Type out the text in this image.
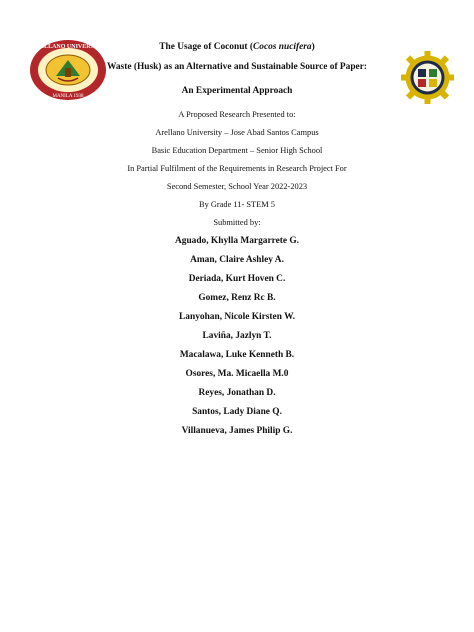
ARELLANO UNIVERSITY
MANILA 1938
The Usage of Coconut (Cocos nucifera)
Waste (Husk) as an Alternative and Sustainable Source of Paper:
An Experimental Approach
A Proposed Research Presented to:
Arellano University – Jose Abad Santos Campus
Basic Education Department – Senior High School
In Partial Fulfilment of the Requirements in Research Project For
Second Semester, School Year 2022-2023
By Grade 11- STEM 5
Submitted by:
Aguado, Khylla Margarrete G.
Aman, Claire Ashley A.
Deriada, Kurt Hoven C.
Gomez, Renz Rc B.
Lanyohan, Nicole Kirsten W.
Laviña, Jazlyn T.
Macalawa, Luke Kenneth B.
Osores, Ma. Micaella M.0
Reyes, Jonathan D.
Santos, Lady Diane Q.
Villanueva, James Philip G.
